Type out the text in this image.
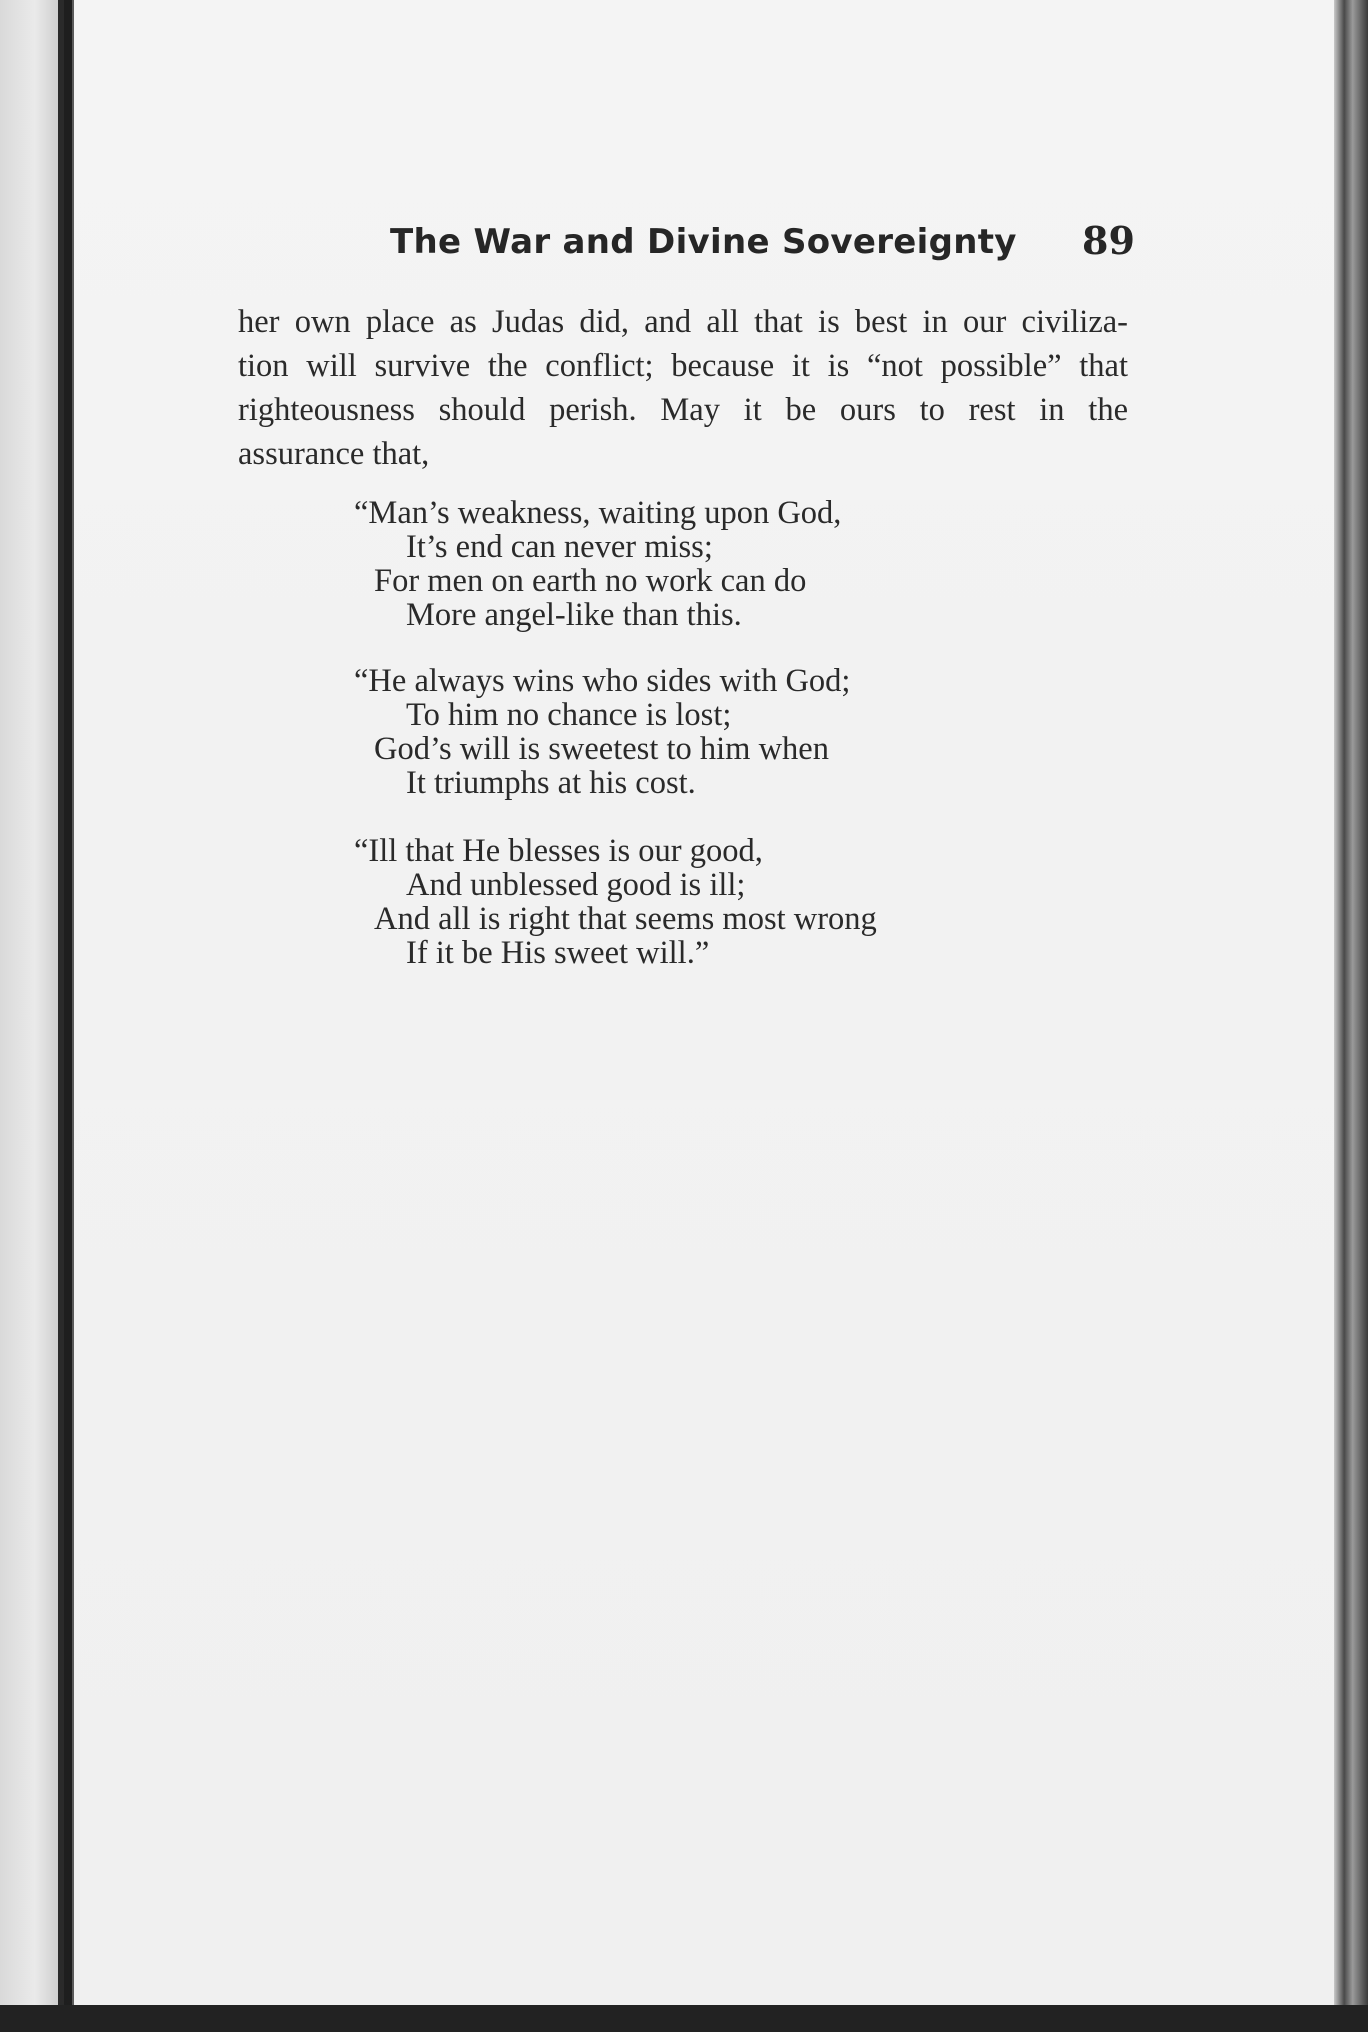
The War and Divine Sovereignty 89
her own place as Judas did, and all that is best in our civiliza-
tion will survive the conflict; because it is “not possible” that
righteousness should perish. May it be ours to rest in the
assurance that,
“Man’s weakness, waiting upon God,
It’s end can never miss;
For men on earth no work can do
More angel-like than this.
“He always wins who sides with God;
To him no chance is lost;
God’s will is sweetest to him when
It triumphs at his cost.
“Ill that He blesses is our good,
And unblessed good is ill;
And all is right that seems most wrong
If it be His sweet will.”
